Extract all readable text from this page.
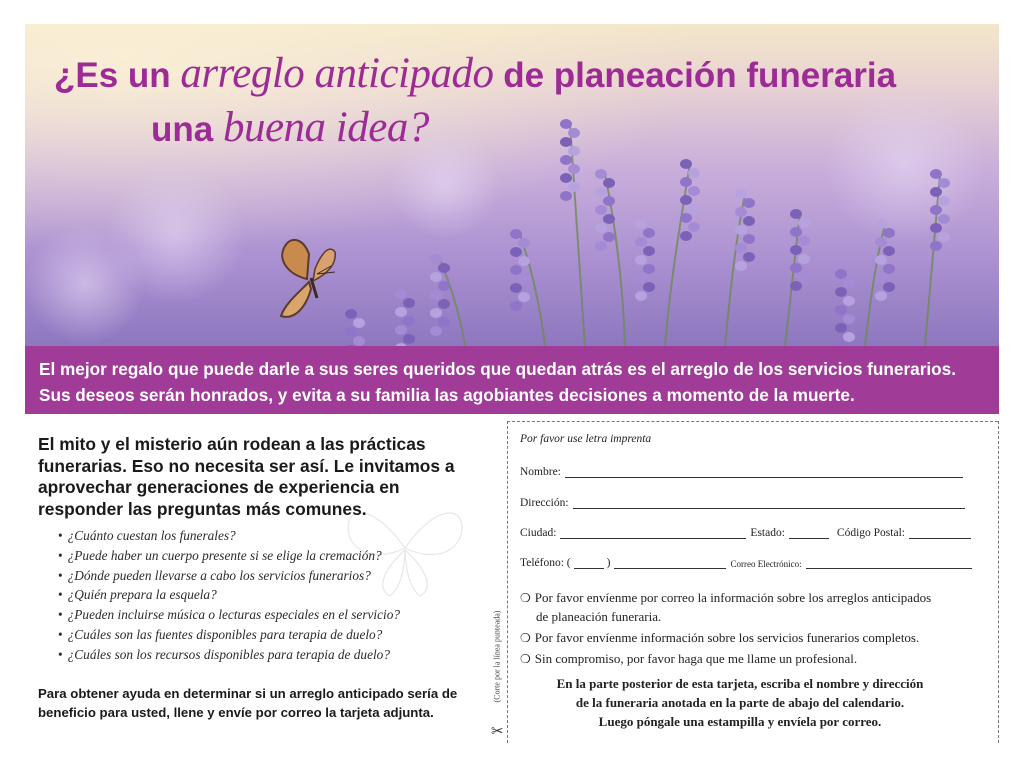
¿Es un arreglo anticipado de planeación funeraria
una buena idea?

El mejor regalo que puede darle a sus seres queridos que quedan atrás es el arreglo de los servicios funerarios.

Sus deseos serán honrados, y evita a su familia las agobiantes decisiones a momento de la muerte.

El mito y el misterio aún rodean a las prácticas
funerarias. Eso no necesita ser así. Le invitamos a
aprovechar generaciones de experiencia en
responder las preguntas más comunes.
• ¿Cuánto cuestan los funerales?
• ¿Puede haber un cuerpo presente si se elige la cremación?
• ¿Dónde pueden llevarse a cabo los servicios funerarios?
• ¿Quién prepara la esquela?
• ¿Pueden incluirse música o lecturas especiales en el servicio?
• ¿Cuáles son las fuentes disponibles para terapia de duelo?
• ¿Cuáles son los recursos disponibles para terapia de duelo?
Para obtener ayuda en determinar si un arreglo anticipado sería de
beneficio para usted, llene y envíe por correo la tarjeta adjunta.
(Corte por la línea punteada)
✂
Por favor use letra imprenta
Nombre:
Dirección:
Ciudad:	Estado:	Código Postal:
Teléfono: (	)	Correo Electrónico:
❍ Por favor envíenme por correo la información sobre los arreglos anticipados
de planeación funeraria.
❍ Por favor envíenme información sobre los servicios funerarios completos.
❍ Sin compromiso, por favor haga que me llame un profesional.
En la parte posterior de esta tarjeta, escriba el nombre y dirección
de la funeraria anotada en la parte de abajo del calendario.
Luego póngale una estampilla y envíela por correo.
